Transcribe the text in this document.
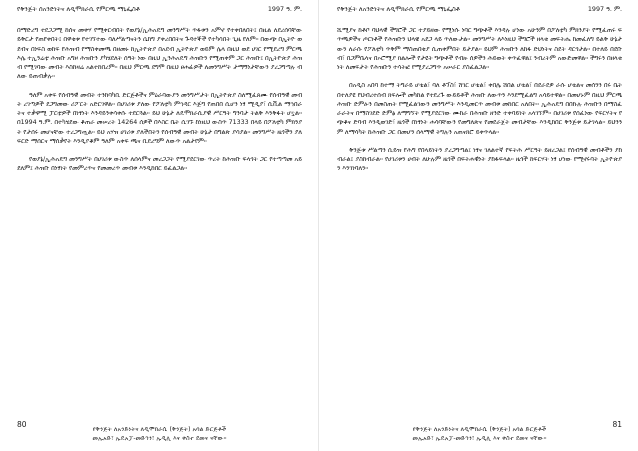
የቅንጅት ሰአንድነትና ለዲሞክራሲ የምርጫ ማኒፌስቶ	1997 ዓ. ም.

በማድረግ ተደጋጋሚ ከሰና መቀሃ የሚቀርብበት የወያኔ/ኢሕአዴግ መንግሥት ጥፋቱን አምኖ የተቀበለበት፤ በዚል ለደረሰባቸው ይቅርታ የጠየቀበት፤ በዋቂቱ የተገኘተው ባለሥልጣናትን ሴከግ ያቀረበበትና ጉዳተኞች የተካሳበት ጊዜ የለም። በውጭ በኢትዮ ወደብና በነፍስ ወከፍ የሕዝብ የማስቀመጫ በዘመኑ ከኢትዮጵያ በአደብ ኢትዮጵያ ወይም ሌላ በዚህ ወደ ሀገር የሚደረግ ምርጫ እሌ ተኢንሬቲ ሕዝቡ አግዞ ሕዝቡን ያካሄደለት ሰዓት ነው በዚህ ኢንሕአዴግ ሕዝቡን የሚጠቀም ጋር ሕዝቡ፤ በኢትዮጵያ ሕዝብ የሚገባው መብት እስከዛሬ አልተከበረም። በዚህ ምርጫ ደግሞ በዚህ ፀሐፊዎች ለመንግሥት ታማኝነታቸውን ያረጋግጣሉ ብለው ይጠብቃሉ።

ዓለም አቀፍ የሰብዓዊ መብት ተንከባካቢ ድርጅቶችና ምዕራባውያን መንግሥታት በኢትዮጵያ ስለሚፈጸሙ የሰብዓዊ መብት ረገጣዎች ደጋግመው ሪፖርት አድርገዋል። በሀገሪቱ ያለው የፖለቲካ ምኅዳር እጅግ የጠበበ ሲሆን ነፃ ሚዲያ፣ ሲቪል ማኅበራትና ተቃዋሚ ፓርቲዎች በነፃነት እንዳይንቀሳቀሱ ተደርጓል። ይህ ሁኔታ ለዴሞክራሲያዊ ሥርዓት ግንባታ ትልቅ እንቅፋት ሆኗል። በ1994 ዓ.ም. በተካሄደው ቆጠራ መሠረት 14264 ሰዎች በእስር ቤት ሲገኙ ከነዚህ ውስጥ 71333 በላይ በፖለቲካ ምክንያት የታሰሩ መሆናቸው ተረጋግጧል። ይህ አሃዝ ሀገሪቱ ያለችበትን የሰብዓዊ መብት ሁኔታ በግልጽ ያሳያል። መንግሥት ዜጎችን ያለፍርድ ማሰርና ማሰቃየት እንዲያቆም ዓለም አቀፍ ጫና ቢደረግም ለውጥ አልታየም።

የወያኔ/ኢሕአዴግ መንግሥት በሀገሪቱ ውስጥ ለሰላምና መረጋጋት የሚያደርገው ጥረት ከሕዝቡ ፍላጎት ጋር የተጣጣመ አይደለም፤ ሕዝቡ በነፃነት የመምረጥና የመመረጥ መብቱ እንዲከበር ይፈልጋል።

80
የቅንጅት ለአንድነትና ለዲሞክራሲ (ቅንጅት) አባል ድርጅቶች
መኢአድ፣ ኢዴአፓ-መድኅን፣ ኢዲሊ እና ቀስተ ደመና ናቸው።
የቅንጅት ለአንድነትና ለዲሞክራሲ የምርጫ ማኒፌስቶ	1997 ዓ. ም.

ሺሚያና ከቶቦ ባህላዊ ችግሮች ጋር ተያይዘው የሚነሱ ነባር ግጭቶች እንዳሉ ሆነው አሁንም በፖለቲካ ምክንያት የሚፈጠሩ ፍጥጫዎችና ጦርነቶች የሕዝቡን ህላዌ አደጋ ላይ ጥለውታል። መንግሥት ለእነዚህ ችግሮች ዘላቂ መፍትሔ ከመፈለግ ይልቅ ሁኔታውን ለራሱ የፖለቲካ ጥቅም ማስጠበቂያ ሲጠቀምበት ይታያል። ይህም ሕዝቡን ለከፋ ድህነትና ስደት ዳርጎታል። በተለይ በደቡብ፣ በጋምቤላና በኦሮሚያ ክልሎች የታዩት ግጭቶች የብዙ ሰዎችን ሕይወት ቀጥፈዋል፤ ንብረትም አውድመዋል። ችግሩን በዘላቂነት ለመፍታት የሕዝቡን ተሳትፎ የሚያረጋግጥ አሠራር ያስፈልጋል።

በአዲስ አበባ ከተማ ትግራይ ሆቴል፣ ባለ ቶፕስ፣ ሸገር ሆቴል፣ ቀበሌ ሸበል ሆቴል፣ በደራደዎ ራሱ ሆቴልና መሰንን በሩ ቤት በተለያዩ የህብረተሰብ ክፍሎች መካከል የተደረጉ ውይይቶች ሕዝቡ ለውጥን እንደሚፈልግ አሳይተዋል። በመሆኑም በዚህ ምርጫ ሕዝቡ ድምፁን በመስጠት የሚፈልገውን መንግሥት እንዲመርጥ መብቱ መከበር አለበት። ኢሕአዴግ በበኩሉ ሕዝቡን በማስፈራራትና በማስገደድ ድምፅ ለማግኘት የሚያደርገው ሙከራ በሕዝቡ ዘንድ ተቀባይነት አላገኘም። በሀገሪቱ የሰፈነው የፍርሃትና የጭቆና ድባብ እንዲወገድ፣ ዜጎች በነፃነት ሐሳባቸውን የመግለጽና የመደራጀት መብታቸው እንዲከበር ቅንጅቱ ይታገላል። ይህንንም ለማሳካት ከሕዝቡ ጋር በመሆን ሰላማዊ ትግሉን አጠናክሮ ይቀጥላል።

ቅንጅቱ ሥልጣን ሲይዝ የሕግ የበላይነትን ያረጋግጣል፤ ነፃና ገለልተኛ የፍትሕ ሥርዓት ይዘረጋል፤ የሰብዓዊ መብቶችን ያከብራል፤ ያስከብራል። የሀገሪቱን ሀብት ለሁሉም ዜጎች በፍትሐዊነት ያከፋፍላል። ዜጎች ከፍርሃት ነፃ ሆነው የሚኖሩባት ኢትዮጵያን እንገነባለን።

81
የቅንጅት ለአንድነትና ለዲሞክራሲ (ቅንጅት) አባል ድርጅቶች
መኢአድ፣ ኢዴአፓ-መድኅን፣ ኢዲሊ እና ቀስተ ደመና ናቸው።
